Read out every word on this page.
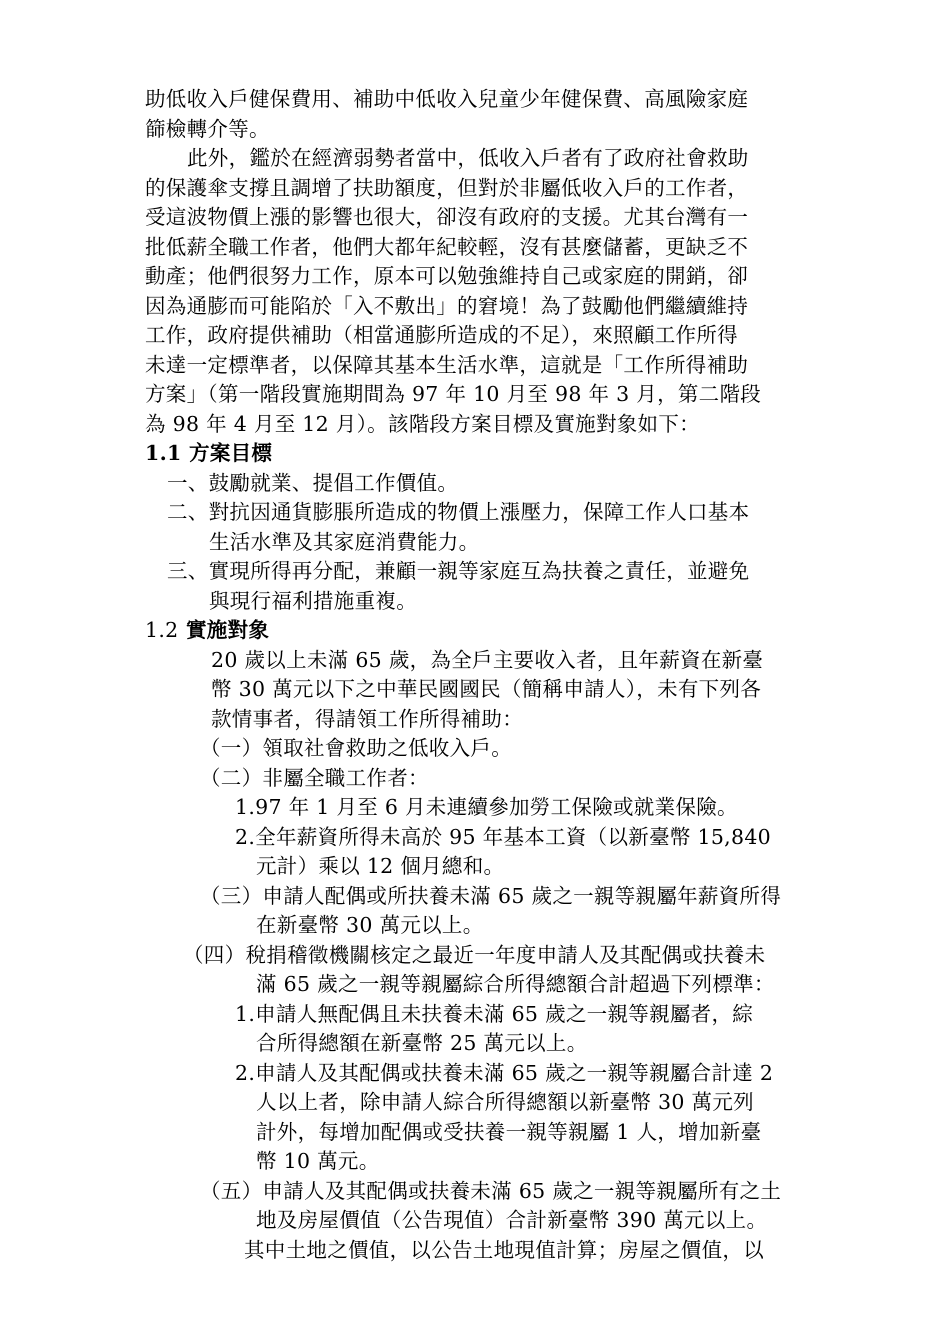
助低收入戶健保費用、補助中低收入兒童少年健保費、高風險家庭
篩檢轉介等。
此外，鑑於在經濟弱勢者當中，低收入戶者有了政府社會救助
的保護傘支撐且調增了扶助額度，但對於非屬低收入戶的工作者，
受這波物價上漲的影響也很大，卻沒有政府的支援。尤其台灣有一
批低薪全職工作者，他們大都年紀較輕，沒有甚麼儲蓄，更缺乏不
動產；他們很努力工作，原本可以勉強維持自己或家庭的開銷，卻
因為通膨而可能陷於「入不敷出」的窘境！為了鼓勵他們繼續維持
工作，政府提供補助（相當通膨所造成的不足），來照顧工作所得
未達一定標準者，以保障其基本生活水準，這就是「工作所得補助
方案」（第一階段實施期間為 97 年 10 月至 98 年 3 月，第二階段
為 98 年 4 月至 12 月）。該階段方案目標及實施對象如下：
1.1 方案目標
一、鼓勵就業、提倡工作價值。
二、對抗因通貨膨脹所造成的物價上漲壓力，保障工作人口基本
生活水準及其家庭消費能力。
三、實現所得再分配，兼顧一親等家庭互為扶養之責任，並避免
與現行福利措施重複。
1.2 實施對象
20 歲以上未滿 65 歲，為全戶主要收入者，且年薪資在新臺
幣 30 萬元以下之中華民國國民（簡稱申請人），未有下列各
款情事者，得請領工作所得補助：
（一）領取社會救助之低收入戶。
（二）非屬全職工作者：
1.97 年 1 月至 6 月未連續參加勞工保險或就業保險。
2.全年薪資所得未高於 95 年基本工資（以新臺幣 15,840
元計）乘以 12 個月總和。
（三）申請人配偶或所扶養未滿 65 歲之一親等親屬年薪資所得
在新臺幣 30 萬元以上。
（四）稅捐稽徵機關核定之最近一年度申請人及其配偶或扶養未
滿 65 歲之一親等親屬綜合所得總額合計超過下列標準：
1.申請人無配偶且未扶養未滿 65 歲之一親等親屬者，綜
合所得總額在新臺幣 25 萬元以上。
2.申請人及其配偶或扶養未滿 65 歲之一親等親屬合計達 2
人以上者，除申請人綜合所得總額以新臺幣 30 萬元列
計外，每增加配偶或受扶養一親等親屬 1 人，增加新臺
幣 10 萬元。
（五）申請人及其配偶或扶養未滿 65 歲之一親等親屬所有之土
地及房屋價值（公告現值）合計新臺幣 390 萬元以上。
其中土地之價值，以公告土地現值計算；房屋之價值，以
